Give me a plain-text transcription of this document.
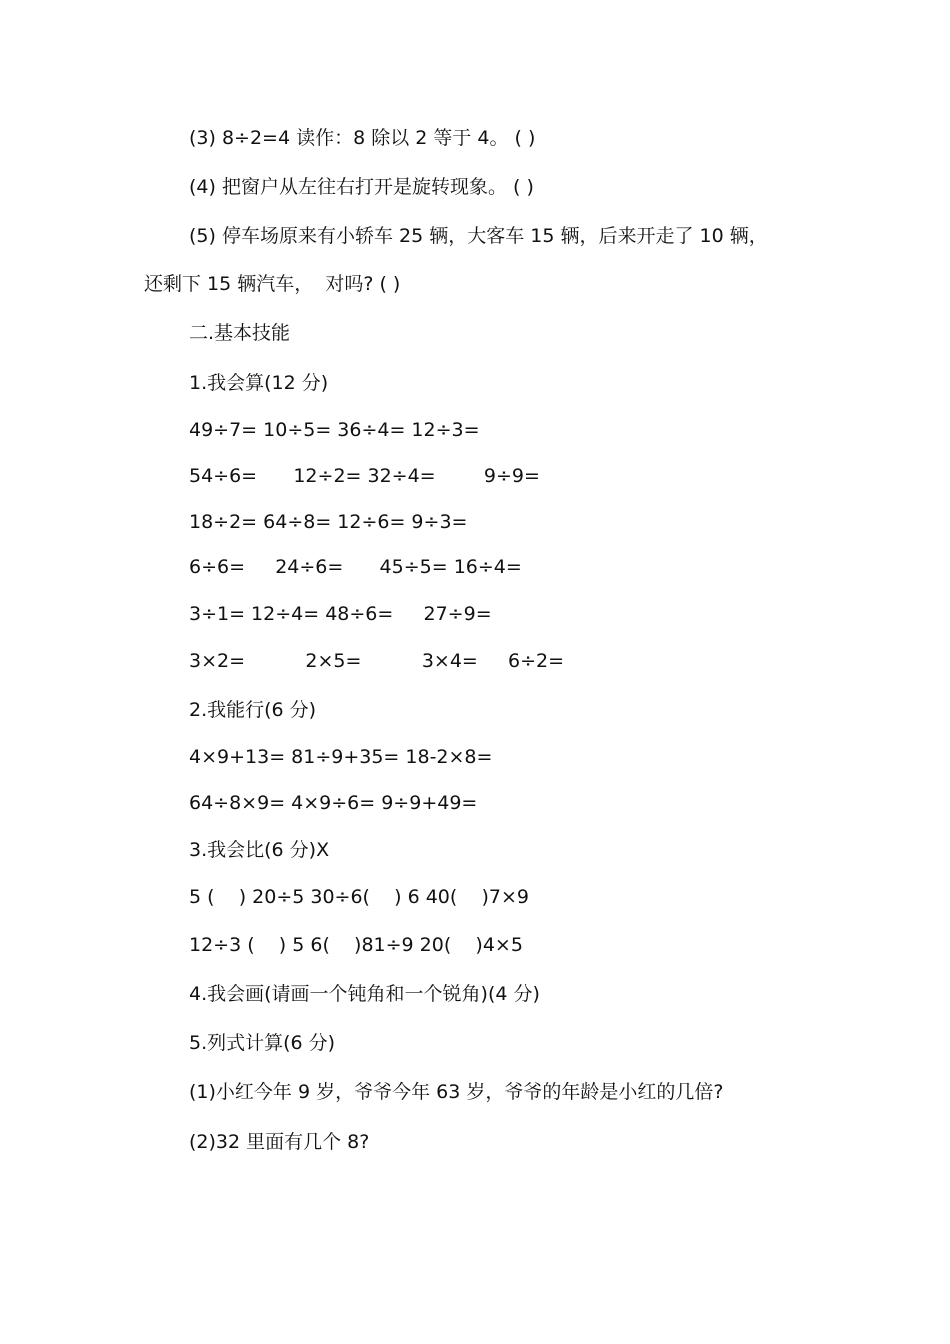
(3) 8÷2=4 读作：8 除以 2 等于 4。 ( )

(4) 把窗户从左往右打开是旋转现象。 ( )

(5) 停车场原来有小轿车 25 辆，大客车 15 辆，后来开走了 10 辆，

还剩下 15 辆汽车，  对吗? ( )

二.基本技能

1.我会算(12 分)

49÷7= 10÷5= 36÷4= 12÷3=

54÷6=      12÷2= 32÷4=        9÷9=

18÷2= 64÷8= 12÷6= 9÷3=

6÷6=     24÷6=      45÷5= 16÷4=

3÷1= 12÷4= 48÷6=     27÷9=

3×2=          2×5=          3×4=     6÷2=

2.我能行(6 分)

4×9+13= 81÷9+35= 18-2×8=

64÷8×9= 4×9÷6= 9÷9+49=

3.我会比(6 分)X

5 (    ) 20÷5 30÷6(    ) 6 40(    )7×9

12÷3 (    ) 5 6(    )81÷9 20(    )4×5

4.我会画(请画一个钝角和一个锐角)(4 分)

5.列式计算(6 分)

(1)小红今年 9 岁，爷爷今年 63 岁，爷爷的年龄是小红的几倍?

(2)32 里面有几个 8?
